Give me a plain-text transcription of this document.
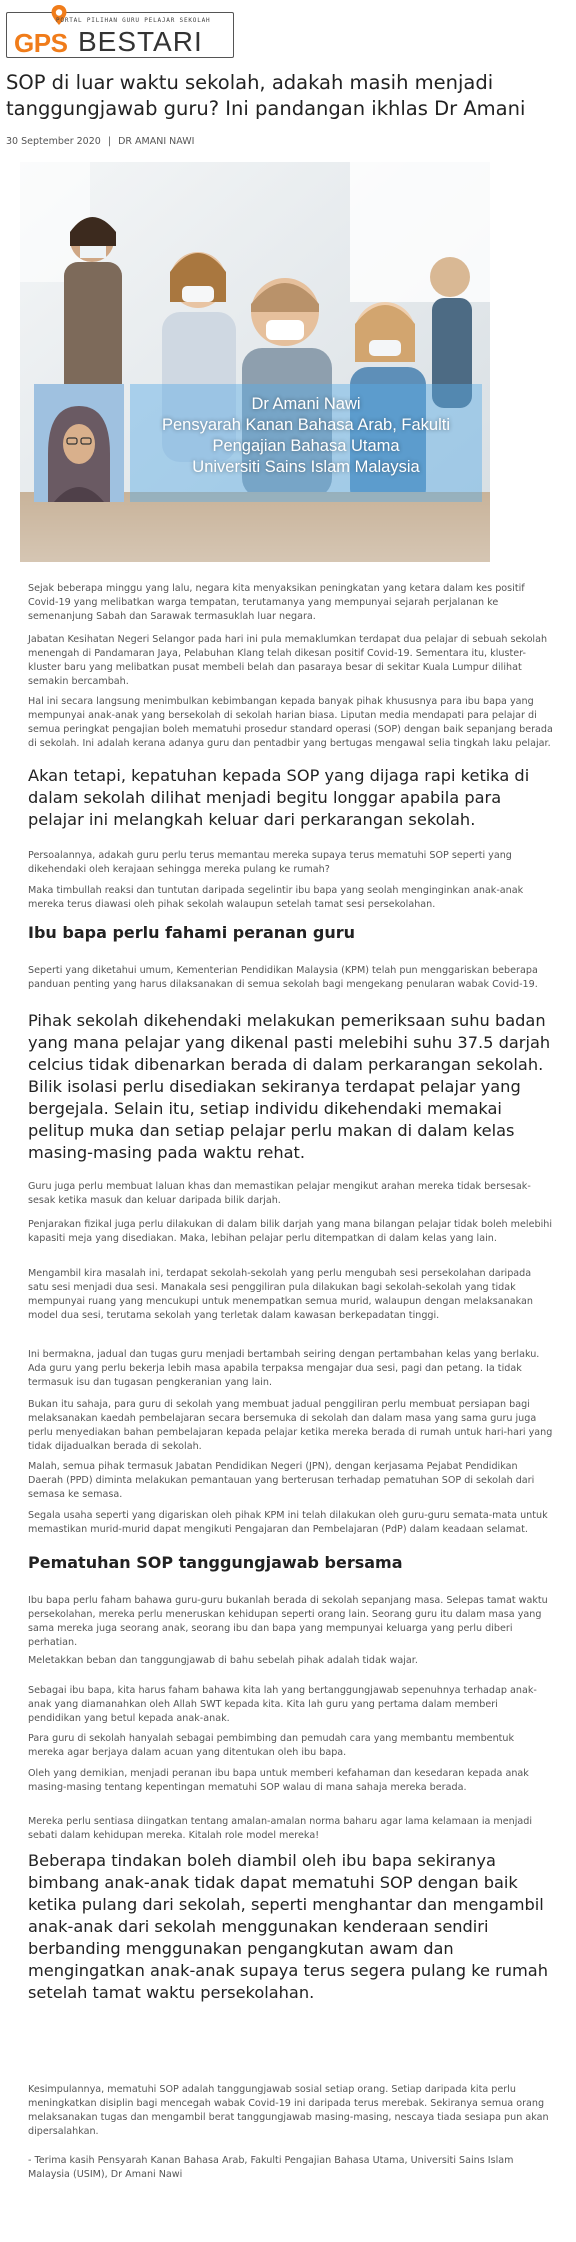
PORTAL PILIHAN GURU PELAJAR SEKOLAH
GPS BESTARI
SOP di luar waktu sekolah, adakah masih menjadi tanggungjawab guru? Ini pandangan ikhlas Dr Amani
30 September 2020 | DR AMANI NAWI
Dr Amani Nawi
Pensyarah Kanan Bahasa Arab, Fakulti
Pengajian Bahasa Utama
Universiti Sains Islam Malaysia

Sejak beberapa minggu yang lalu, negara kita menyaksikan peningkatan yang ketara dalam kes positif Covid-19 yang melibatkan warga tempatan, terutamanya yang mempunyai sejarah perjalanan ke semenanjung Sabah dan Sarawak termasuklah luar negara.

Jabatan Kesihatan Negeri Selangor pada hari ini pula memaklumkan terdapat dua pelajar di sebuah sekolah menengah di Pandamaran Jaya, Pelabuhan Klang telah dikesan positif Covid-19. Sementara itu, kluster-kluster baru yang melibatkan pusat membeli belah dan pasaraya besar di sekitar Kuala Lumpur dilihat semakin bercambah.

Hal ini secara langsung menimbulkan kebimbangan kepada banyak pihak khususnya para ibu bapa yang mempunyai anak-anak yang bersekolah di sekolah harian biasa. Liputan media mendapati para pelajar di semua peringkat pengajian boleh mematuhi prosedur standard operasi (SOP) dengan baik sepanjang berada di sekolah. Ini adalah kerana adanya guru dan pentadbir yang bertugas mengawal selia tingkah laku pelajar.

Akan tetapi, kepatuhan kepada SOP yang dijaga rapi ketika di dalam sekolah dilihat menjadi begitu longgar apabila para pelajar ini melangkah keluar dari perkarangan sekolah.

Persoalannya, adakah guru perlu terus memantau mereka supaya terus mematuhi SOP seperti yang dikehendaki oleh kerajaan sehingga mereka pulang ke rumah?

Maka timbullah reaksi dan tuntutan daripada segelintir ibu bapa yang seolah menginginkan anak-anak mereka terus diawasi oleh pihak sekolah walaupun setelah tamat sesi persekolahan.

Ibu bapa perlu fahami peranan guru

Seperti yang diketahui umum, Kementerian Pendidikan Malaysia (KPM) telah pun menggariskan beberapa panduan penting yang harus dilaksanakan di semua sekolah bagi mengekang penularan wabak Covid-19.

Pihak sekolah dikehendaki melakukan pemeriksaan suhu badan yang mana pelajar yang dikenal pasti melebihi suhu 37.5 darjah celcius tidak dibenarkan berada di dalam perkarangan sekolah. Bilik isolasi perlu disediakan sekiranya terdapat pelajar yang bergejala. Selain itu, setiap individu dikehendaki memakai pelitup muka dan setiap pelajar perlu makan di dalam kelas masing-masing pada waktu rehat.

Guru juga perlu membuat laluan khas dan memastikan pelajar mengikut arahan mereka tidak bersesak-sesak ketika masuk dan keluar daripada bilik darjah.

Penjarakan fizikal juga perlu dilakukan di dalam bilik darjah yang mana bilangan pelajar tidak boleh melebihi kapasiti meja yang disediakan. Maka, lebihan pelajar perlu ditempatkan di dalam kelas yang lain.

Mengambil kira masalah ini, terdapat sekolah-sekolah yang perlu mengubah sesi persekolahan daripada satu sesi menjadi dua sesi. Manakala sesi penggiliran pula dilakukan bagi sekolah-sekolah yang tidak mempunyai ruang yang mencukupi untuk menempatkan semua murid, walaupun dengan melaksanakan model dua sesi, terutama sekolah yang terletak dalam kawasan berkepadatan tinggi.

Ini bermakna, jadual dan tugas guru menjadi bertambah seiring dengan pertambahan kelas yang berlaku. Ada guru yang perlu bekerja lebih masa apabila terpaksa mengajar dua sesi, pagi dan petang. Ia tidak termasuk isu dan tugasan pengkeranian yang lain.

Bukan itu sahaja, para guru di sekolah yang membuat jadual penggiliran perlu membuat persiapan bagi melaksanakan kaedah pembelajaran secara bersemuka di sekolah dan dalam masa yang sama guru juga perlu menyediakan bahan pembelajaran kepada pelajar ketika mereka berada di rumah untuk hari-hari yang tidak dijadualkan berada di sekolah.

Malah, semua pihak termasuk Jabatan Pendidikan Negeri (JPN), dengan kerjasama Pejabat Pendidikan Daerah (PPD) diminta melakukan pemantauan yang berterusan terhadap pematuhan SOP di sekolah dari semasa ke semasa.

Segala usaha seperti yang digariskan oleh pihak KPM ini telah dilakukan oleh guru-guru semata-mata untuk memastikan murid-murid dapat mengikuti Pengajaran dan Pembelajaran (PdP) dalam keadaan selamat.

Pematuhan SOP tanggungjawab bersama

Ibu bapa perlu faham bahawa guru-guru bukanlah berada di sekolah sepanjang masa. Selepas tamat waktu persekolahan, mereka perlu meneruskan kehidupan seperti orang lain. Seorang guru itu dalam masa yang sama mereka juga seorang anak, seorang ibu dan bapa yang mempunyai keluarga yang perlu diberi perhatian.

Meletakkan beban dan tanggungjawab di bahu sebelah pihak adalah tidak wajar.

Sebagai ibu bapa, kita harus faham bahawa kita lah yang bertanggungjawab sepenuhnya terhadap anak-anak yang diamanahkan oleh Allah SWT kepada kita. Kita lah guru yang pertama dalam memberi pendidikan yang betul kepada anak-anak.

Para guru di sekolah hanyalah sebagai pembimbing dan pemudah cara yang membantu membentuk mereka agar berjaya dalam acuan yang ditentukan oleh ibu bapa.

Oleh yang demikian, menjadi peranan ibu bapa untuk memberi kefahaman dan kesedaran kepada anak masing-masing tentang kepentingan mematuhi SOP walau di mana sahaja mereka berada.

Mereka perlu sentiasa diingatkan tentang amalan-amalan norma baharu agar lama kelamaan ia menjadi sebati dalam kehidupan mereka. Kitalah role model mereka!

Beberapa tindakan boleh diambil oleh ibu bapa sekiranya bimbang anak-anak tidak dapat mematuhi SOP dengan baik ketika pulang dari sekolah, seperti menghantar dan mengambil anak-anak dari sekolah menggunakan kenderaan sendiri berbanding menggunakan pengangkutan awam dan mengingatkan anak-anak supaya terus segera pulang ke rumah setelah tamat waktu persekolahan.

Kesimpulannya, mematuhi SOP adalah tanggungjawab sosial setiap orang. Setiap daripada kita perlu meningkatkan disiplin bagi mencegah wabak Covid-19 ini daripada terus merebak. Sekiranya semua orang melaksanakan tugas dan mengambil berat tanggungjawab masing-masing, nescaya tiada sesiapa pun akan dipersalahkan.

- Terima kasih Pensyarah Kanan Bahasa Arab, Fakulti Pengajian Bahasa Utama, Universiti Sains Islam Malaysia (USIM), Dr Amani Nawi
